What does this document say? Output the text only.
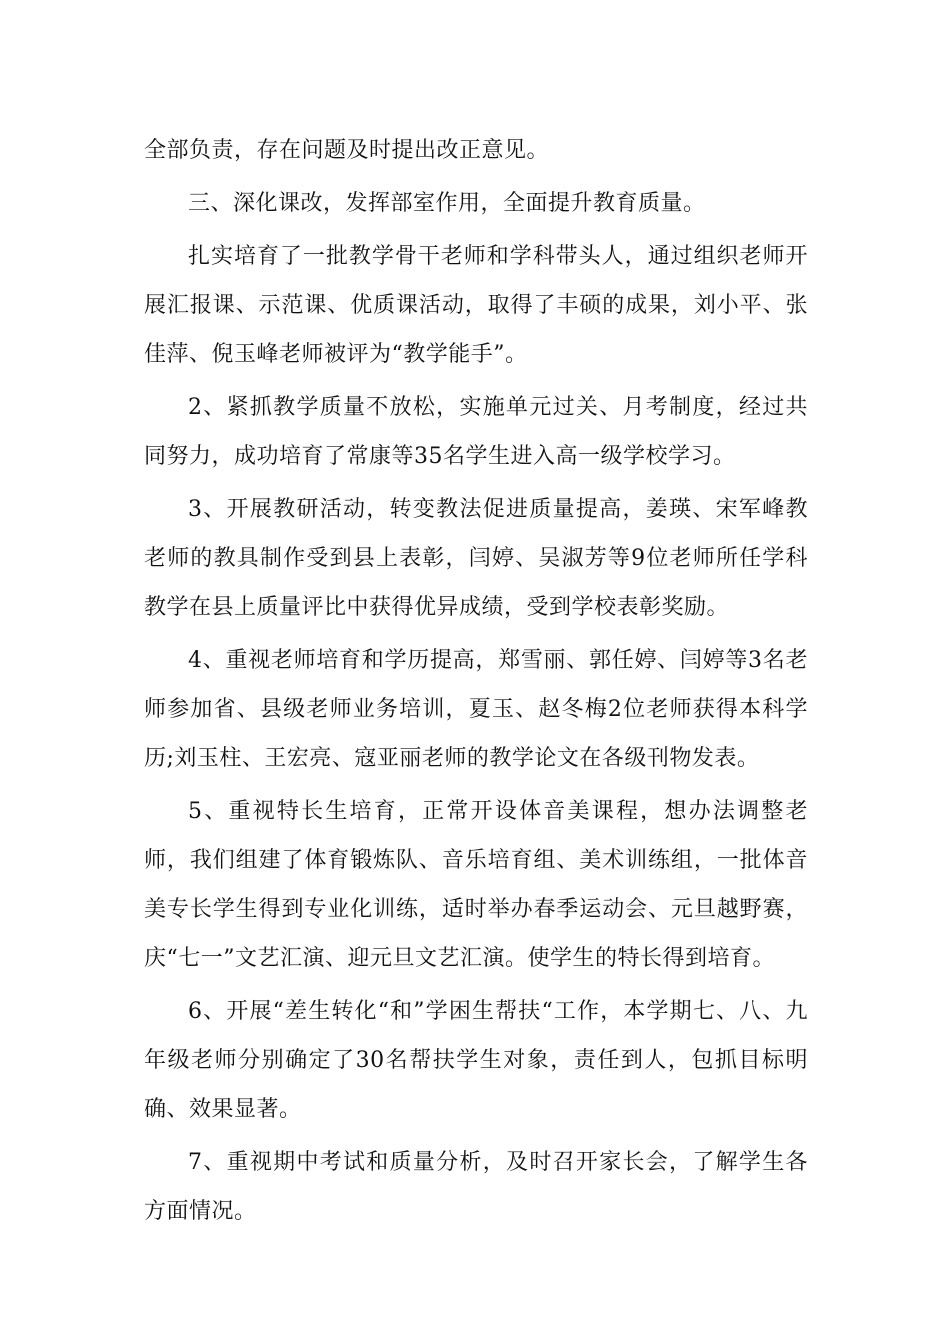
全部负责，存在问题及时提出改正意见。

三、深化课改，发挥部室作用，全面提升教育质量。

扎实培育了一批教学骨干老师和学科带头人，通过组织老师开展汇报课、示范课、优质课活动，取得了丰硕的成果，刘小平、张佳萍、倪玉峰老师被评为“教学能手”。

2、紧抓教学质量不放松，实施单元过关、月考制度，经过共同努力，成功培育了常康等35名学生进入高一级学校学习。

3、开展教研活动，转变教法促进质量提高，姜瑛、宋军峰教老师的教具制作受到县上表彰，闫婷、吴淑芳等9位老师所任学科教学在县上质量评比中获得优异成绩，受到学校表彰奖励。

4、重视老师培育和学历提高，郑雪丽、郭任婷、闫婷等3名老师参加省、县级老师业务培训，夏玉、赵冬梅2位老师获得本科学历;刘玉柱、王宏亮、寇亚丽老师的教学论文在各级刊物发表。

5、重视特长生培育，正常开设体音美课程，想办法调整老师，我们组建了体育锻炼队、音乐培育组、美术训练组，一批体音美专长学生得到专业化训练，适时举办春季运动会、元旦越野赛，庆“七一”文艺汇演、迎元旦文艺汇演。使学生的特长得到培育。

6、开展“差生转化“和”学困生帮扶“工作，本学期七、八、九年级老师分别确定了30名帮扶学生对象，责任到人，包抓目标明确、效果显著。

7、重视期中考试和质量分析，及时召开家长会，了解学生各方面情况。
